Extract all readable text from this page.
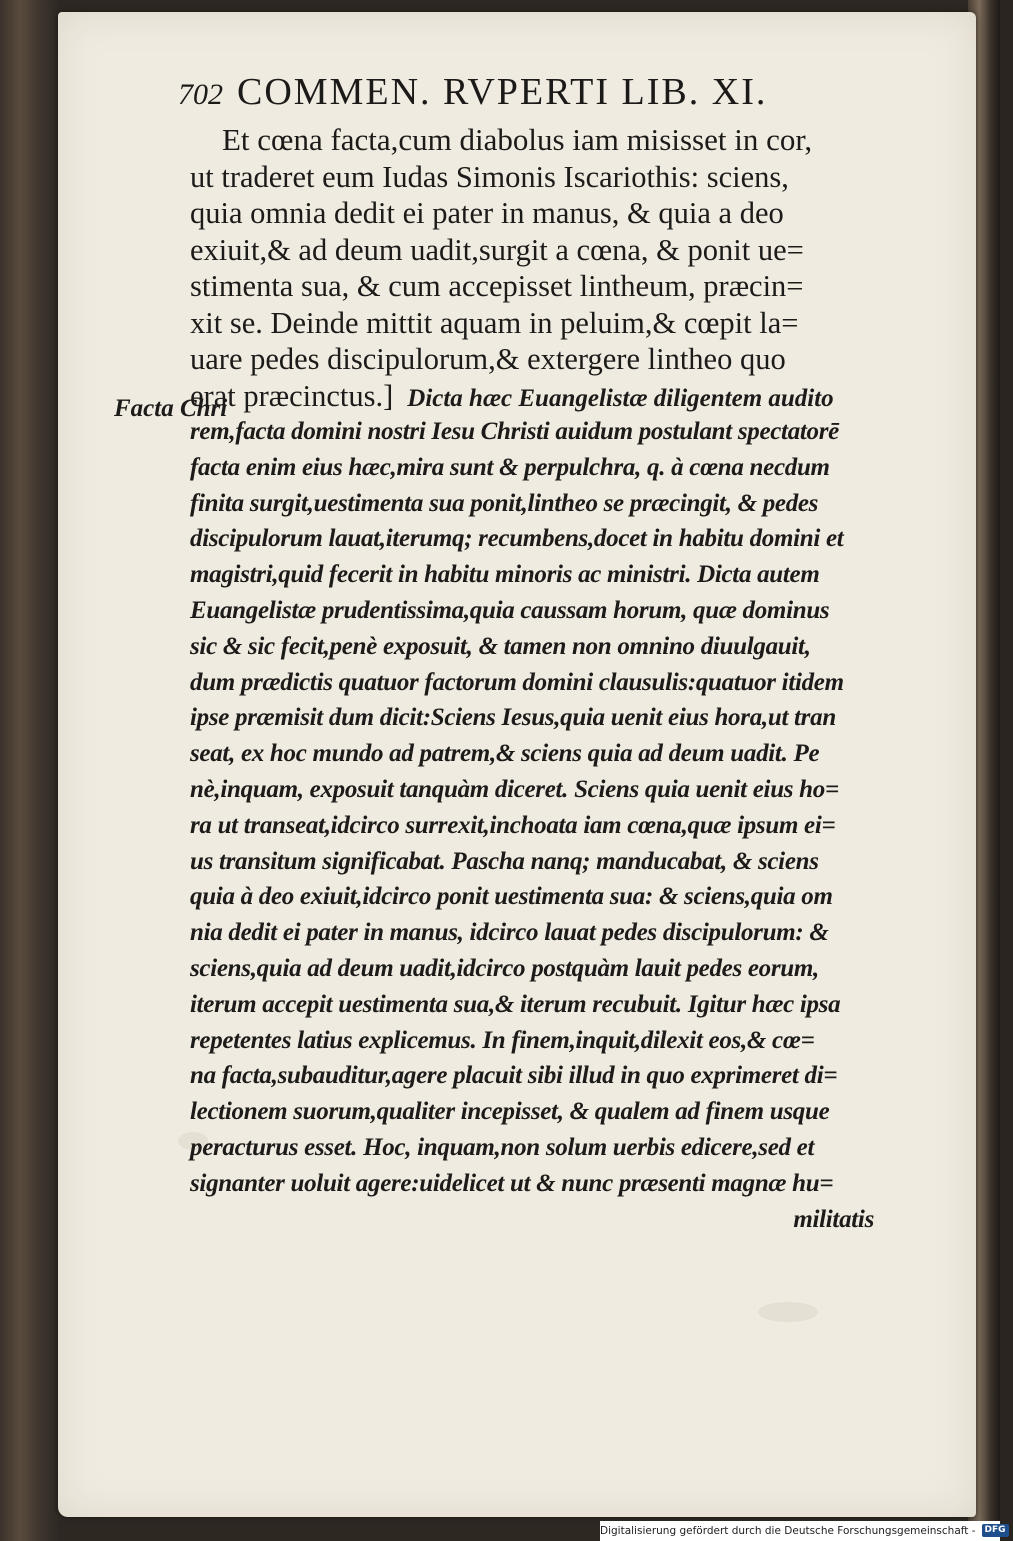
702 COMMEN. RVPERTI LIB. XI.
Facta Chri
Et cœna facta,cum diabolus iam misisset in cor,
ut traderet eum Iudas Simonis Iscariothis: sciens,
quia omnia dedit ei pater in manus, & quia a deo
exiuit,& ad deum uadit,surgit a cœna, & ponit ue=
stimenta sua, & cum accepisset lintheum, præcin=
xit se. Deinde mittit aquam in peluim,& cœpit la=
uare pedes discipulorum,& extergere lintheo quo
erat præcinctus.] Dicta hæc Euangelistæ diligentem audito
rem,facta domini nostri Iesu Christi auidum postulant spectatorē
facta enim eius hæc,mira sunt & perpulchra, q. à cœna necdum
finita surgit,uestimenta sua ponit,lintheo se præcingit, & pedes
discipulorum lauat,iterumq; recumbens,docet in habitu domini et
magistri,quid fecerit in habitu minoris ac ministri. Dicta autem
Euangelistæ prudentissima,quia caussam horum, quæ dominus
sic & sic fecit,penè exposuit, & tamen non omnino diuulgauit,
dum prædictis quatuor factorum domini clausulis:quatuor itidem
ipse præmisit dum dicit:Sciens Iesus,quia uenit eius hora,ut tran
seat, ex hoc mundo ad patrem,& sciens quia ad deum uadit. Pe
nè,inquam, exposuit tanquàm diceret. Sciens quia uenit eius ho=
ra ut transeat,idcirco surrexit,inchoata iam cœna,quæ ipsum ei=
us transitum significabat. Pascha nanq; manducabat, & sciens
quia à deo exiuit,idcirco ponit uestimenta sua: & sciens,quia om
nia dedit ei pater in manus, idcirco lauat pedes discipulorum: &
sciens,quia ad deum uadit,idcirco postquàm lauit pedes eorum,
iterum accepit uestimenta sua,& iterum recubuit. Igitur hæc ipsa
repetentes latius explicemus. In finem,inquit,dilexit eos,& cœ=
na facta,subauditur,agere placuit sibi illud in quo exprimeret di=
lectionem suorum,qualiter incepisset, & qualem ad finem usque
peracturus esset. Hoc, inquam,non solum uerbis edicere,sed et
signanter uoluit agere:uidelicet ut & nunc præsenti magnæ hu=
militatis
Digitalisierung gefördert durch die Deutsche Forschungsgemeinschaft - DFG
